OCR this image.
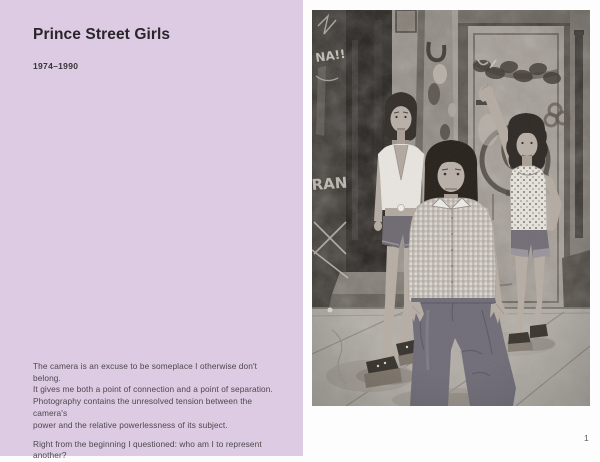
Prince Street Girls
1974–1990
The camera is an excuse to be someplace I otherwise don't belong.
It gives me both a point of connection and a point of separation.
Photography contains the unresolved tension between the camera's
power and the relative powerlessness of its subject.
Right from the beginning I questioned: who am I to represent another?
1
